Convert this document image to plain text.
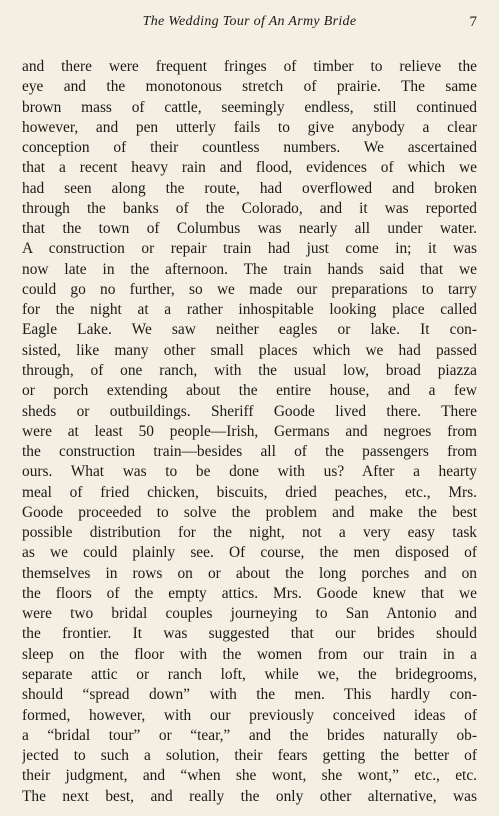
The Wedding Tour of An Army Bride	7
and there were frequent fringes of timber to relieve the
eye and the monotonous stretch of prairie. The same
brown mass of cattle, seemingly endless, still continued
however, and pen utterly fails to give anybody a clear
conception of their countless numbers. We ascertained
that a recent heavy rain and flood, evidences of which we
had seen along the route, had overflowed and broken
through the banks of the Colorado, and it was reported
that the town of Columbus was nearly all under water.
A construction or repair train had just come in; it was
now late in the afternoon. The train hands said that we
could go no further, so we made our preparations to tarry
for the night at a rather inhospitable looking place called
Eagle Lake. We saw neither eagles or lake. It con-
sisted, like many other small places which we had passed
through, of one ranch, with the usual low, broad piazza
or porch extending about the entire house, and a few
sheds or outbuildings. Sheriff Goode lived there. There
were at least 50 people—Irish, Germans and negroes from
the construction train—besides all of the passengers from
ours. What was to be done with us? After a hearty
meal of fried chicken, biscuits, dried peaches, etc., Mrs.
Goode proceeded to solve the problem and make the best
possible distribution for the night, not a very easy task
as we could plainly see. Of course, the men disposed of
themselves in rows on or about the long porches and on
the floors of the empty attics. Mrs. Goode knew that we
were two bridal couples journeying to San Antonio and
the frontier. It was suggested that our brides should
sleep on the floor with the women from our train in a
separate attic or ranch loft, while we, the bridegrooms,
should “spread down” with the men. This hardly con-
formed, however, with our previously conceived ideas of
a “bridal tour” or “tear,” and the brides naturally ob-
jected to such a solution, their fears getting the better of
their judgment, and “when she wont, she wont,” etc., etc.
The next best, and really the only other alternative, was
